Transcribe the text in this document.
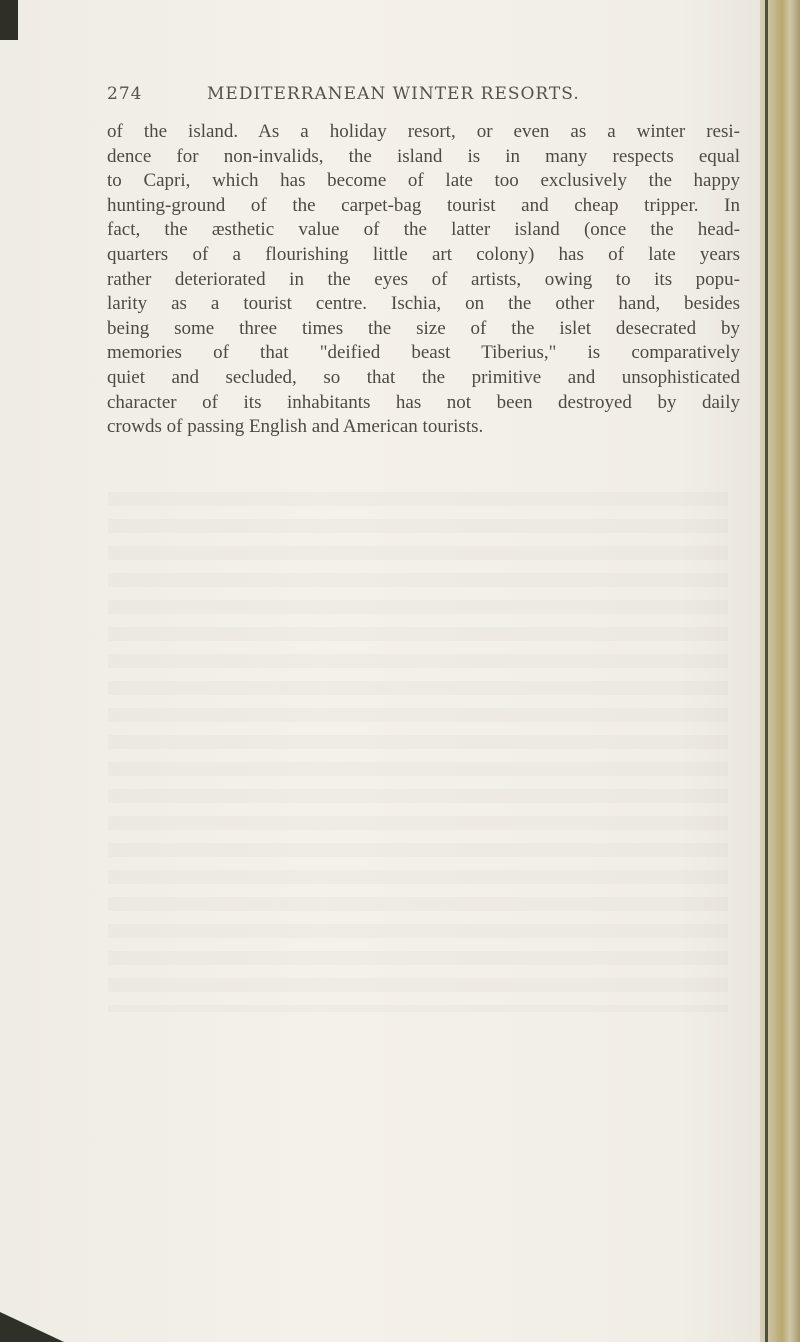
274	MEDITERRANEAN WINTER RESORTS.

of the island. As a holiday resort, or even as a winter resi-
dence for non-invalids, the island is in many respects equal
to Capri, which has become of late too exclusively the happy
hunting-ground of the carpet-bag tourist and cheap tripper. In
fact, the æsthetic value of the latter island (once the head-
quarters of a flourishing little art colony) has of late years
rather deteriorated in the eyes of artists, owing to its popu-
larity as a tourist centre. Ischia, on the other hand, besides
being some three times the size of the islet desecrated by
memories of that "deified beast Tiberius," is comparatively
quiet and secluded, so that the primitive and unsophisticated
character of its inhabitants has not been destroyed by daily
crowds of passing English and American tourists.
